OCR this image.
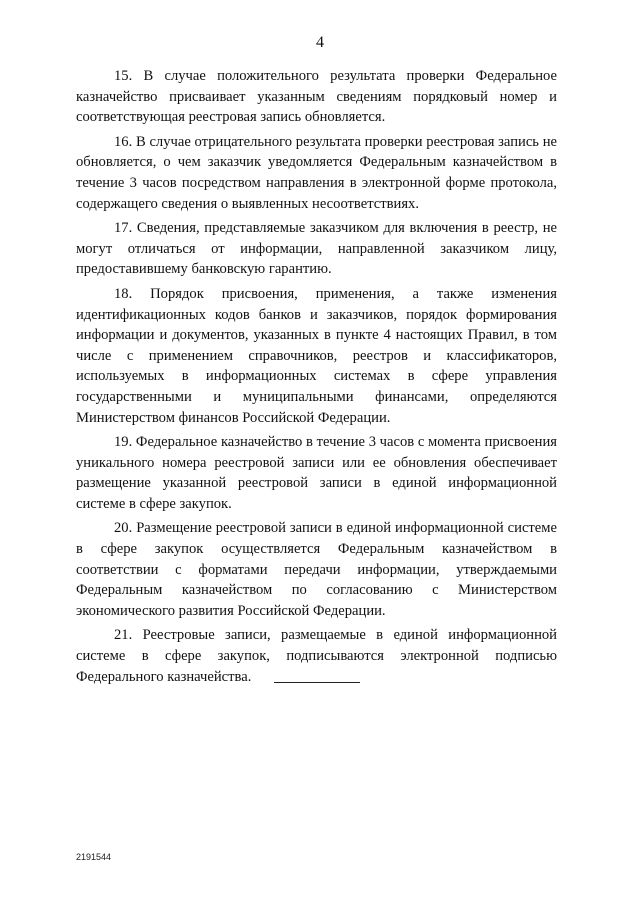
4

15. В случае положительного результата проверки Федеральное казначейство присваивает указанным сведениям порядковый номер и соответствующая реестровая запись обновляется.

16. В случае отрицательного результата проверки реестровая запись не обновляется, о чем заказчик уведомляется Федеральным казначейством в течение 3 часов посредством направления в электронной форме протокола, содержащего сведения о выявленных несоответствиях.

17. Сведения, представляемые заказчиком для включения в реестр, не могут отличаться от информации, направленной заказчиком лицу, предоставившему банковскую гарантию.

18. Порядок присвоения, применения, а также изменения идентификационных кодов банков и заказчиков, порядок формирования информации и документов, указанных в пункте 4 настоящих Правил, в том числе с применением справочников, реестров и классификаторов, используемых в информационных системах в сфере управления государственными и муниципальными финансами, определяются Министерством финансов Российской Федерации.

19. Федеральное казначейство в течение 3 часов с момента присвоения уникального номера реестровой записи или ее обновления обеспечивает размещение указанной реестровой записи в единой информационной системе в сфере закупок.

20. Размещение реестровой записи в единой информационной системе в сфере закупок осуществляется Федеральным казначейством в соответствии с форматами передачи информации, утверждаемыми Федеральным казначейством по согласованию с Министерством экономического развития Российской Федерации.

21. Реестровые записи, размещаемые в единой информационной системе в сфере закупок, подписываются электронной подписью Федерального казначейства.

2191544
